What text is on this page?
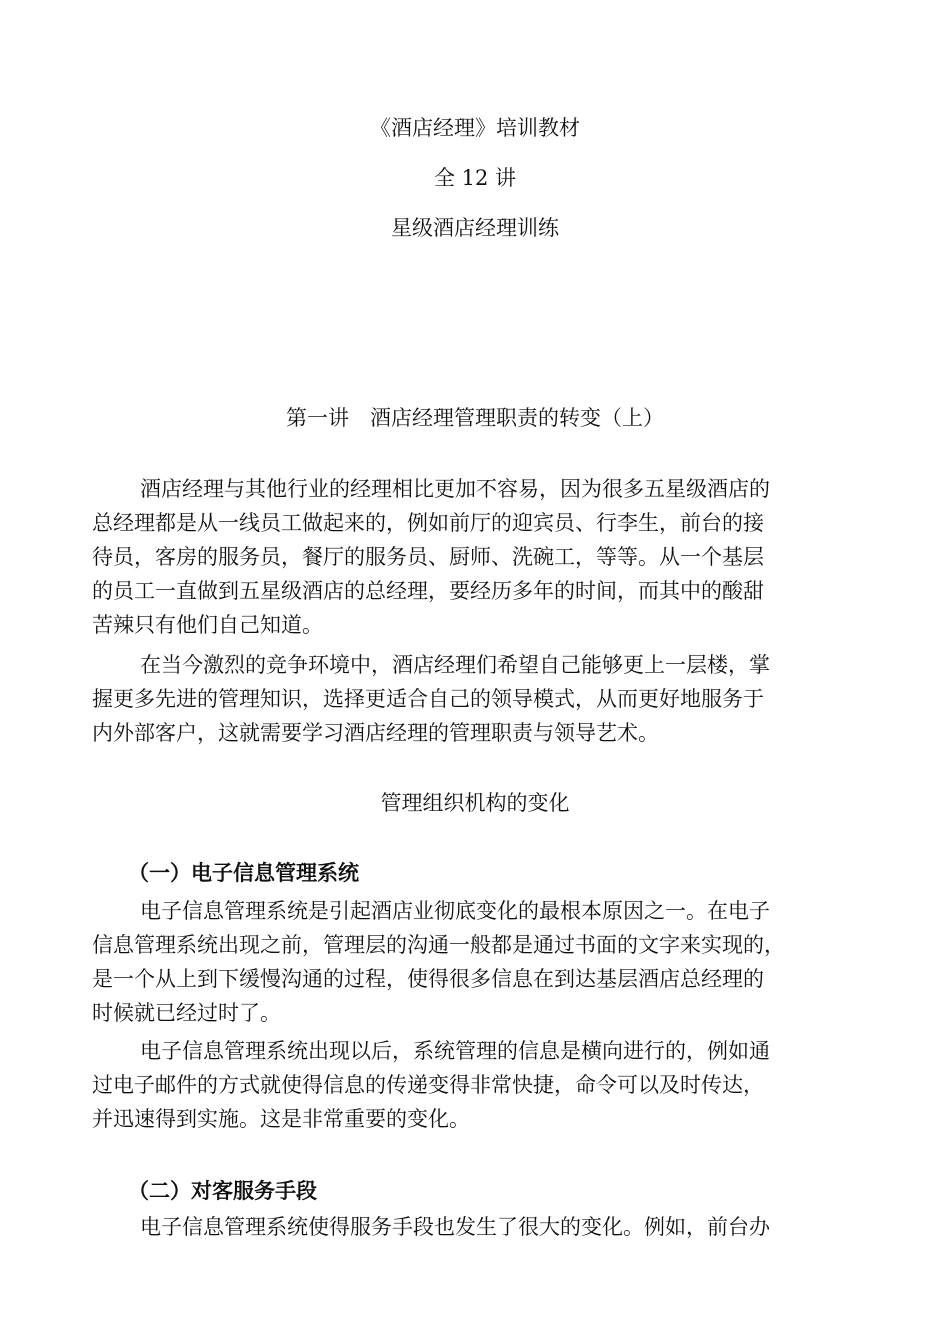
《酒店经理》培训教材
全 12 讲
星级酒店经理训练
第一讲　酒店经理管理职责的转变（上）
酒店经理与其他行业的经理相比更加不容易，因为很多五星级酒店的
总经理都是从一线员工做起来的，例如前厅的迎宾员、行李生，前台的接
待员，客房的服务员，餐厅的服务员、厨师、洗碗工，等等。从一个基层
的员工一直做到五星级酒店的总经理，要经历多年的时间，而其中的酸甜
苦辣只有他们自己知道。
在当今激烈的竞争环境中，酒店经理们希望自己能够更上一层楼，掌
握更多先进的管理知识，选择更适合自己的领导模式，从而更好地服务于
内外部客户，这就需要学习酒店经理的管理职责与领导艺术。
管理组织机构的变化
（一）电子信息管理系统
电子信息管理系统是引起酒店业彻底变化的最根本原因之一。在电子
信息管理系统出现之前，管理层的沟通一般都是通过书面的文字来实现的，
是一个从上到下缓慢沟通的过程，使得很多信息在到达基层酒店总经理的
时候就已经过时了。
电子信息管理系统出现以后，系统管理的信息是横向进行的，例如通
过电子邮件的方式就使得信息的传递变得非常快捷，命令可以及时传达，
并迅速得到实施。这是非常重要的变化。
（二）对客服务手段
电子信息管理系统使得服务手段也发生了很大的变化。例如，前台办
